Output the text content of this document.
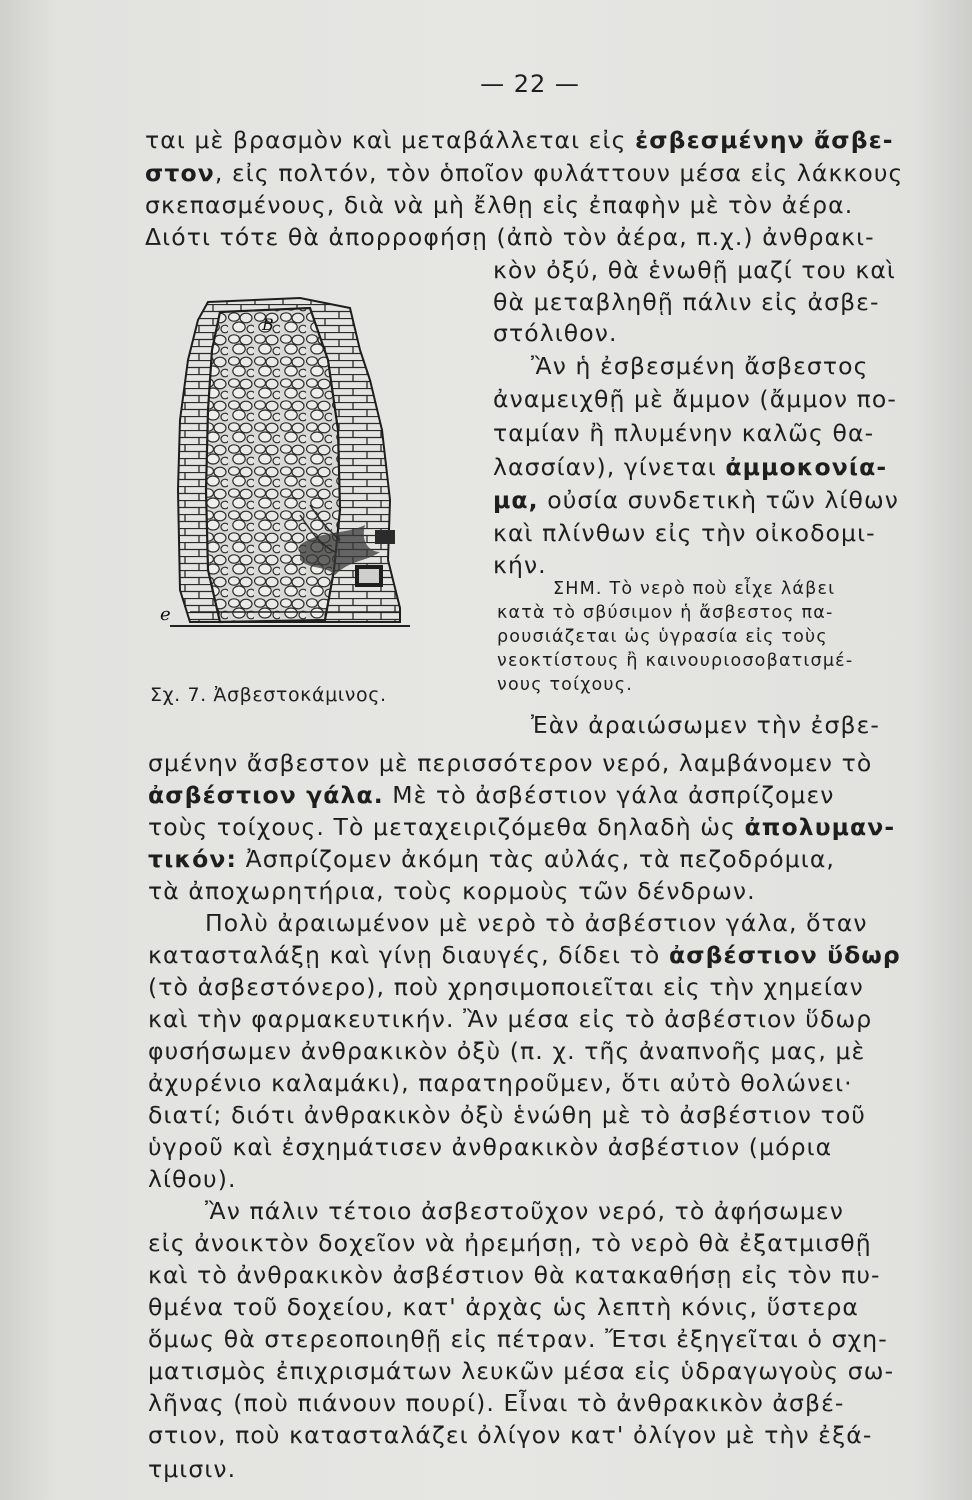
— 22 —
B
e
ται μὲ βρασμὸν καὶ μεταβάλλεται εἰς ἐσβεσμένην ἄσβε-
στον, εἰς πολτόν, τὸν ὁποῖον φυλάττουν μέσα εἰς λάκκους
σκεπασμένους, διὰ νὰ μὴ ἔλθῃ εἰς ἐπαφὴν μὲ τὸν ἀέρα.
Διότι τότε θὰ ἀπορροφήσῃ (ἀπὸ τὸν ἀέρα, π.χ.) ἀνθρακι-
κὸν ὀξύ, θὰ ἑνωθῇ μαζί του καὶ
θὰ μεταβληθῇ πάλιν εἰς ἀσβε-
στόλιθον.
Ἂν ἡ ἐσβεσμένη ἄσβεστος
ἀναμειχθῇ μὲ ἄμμον (ἄμμον πο-
ταμίαν ἢ πλυμένην καλῶς θα-
λασσίαν), γίνεται ἀμμοκονία-
μα, οὐσία συνδετικὴ τῶν λίθων
καὶ πλίνθων εἰς τὴν οἰκοδομι-
κήν.
ΣΗΜ. Τὸ νερὸ ποὺ εἶχε λάβει
κατὰ τὸ σβύσιμον ἡ ἄσβεστος πα-
ρουσιάζεται ὡς ὑγρασία εἰς τοὺς
νεοκτίστους ἢ καινουριοσοβατισμέ-
νους τοίχους.
Σχ. 7. Ἀσβεστοκάμινος.
Ἐὰν ἀραιώσωμεν τὴν ἐσβε-
σμένην ἄσβεστον μὲ περισσότερον νερό, λαμβάνομεν τὸ
ἀσβέστιον γάλα. Μὲ τὸ ἀσβέστιον γάλα ἀσπρίζομεν
τοὺς τοίχους. Τὸ μεταχειριζόμεθα δηλαδὴ ὡς ἀπολυμαν-
τικόν: Ἀσπρίζομεν ἀκόμη τὰς αὐλάς, τὰ πεζοδρόμια,
τὰ ἀποχωρητήρια, τοὺς κορμοὺς τῶν δένδρων.
Πολὺ ἀραιωμένον μὲ νερὸ τὸ ἀσβέστιον γάλα, ὅταν
κατασταλάξῃ καὶ γίνῃ διαυγές, δίδει τὸ ἀσβέστιον ὕδωρ
(τὸ ἀσβεστόνερο), ποὺ χρησιμοποιεῖται εἰς τὴν χημείαν
καὶ τὴν φαρμακευτικήν. Ἂν μέσα εἰς τὸ ἀσβέστιον ὕδωρ
φυσήσωμεν ἀνθρακικὸν ὀξὺ (π. χ. τῆς ἀναπνοῆς μας, μὲ
ἀχυρένιο καλαμάκι), παρατηροῦμεν, ὅτι αὐτὸ θολώνει·
διατί; διότι ἀνθρακικὸν ὀξὺ ἑνώθη μὲ τὸ ἀσβέστιον τοῦ
ὑγροῦ καὶ ἐσχημάτισεν ἀνθρακικὸν ἀσβέστιον (μόρια
λίθου).
Ἂν πάλιν τέτοιο ἀσβεστοῦχον νερό, τὸ ἀφήσωμεν
εἰς ἀνοικτὸν δοχεῖον νὰ ἠρεμήσῃ, τὸ νερὸ θὰ ἐξατμισθῇ
καὶ τὸ ἀνθρακικὸν ἀσβέστιον θὰ κατακαθήσῃ εἰς τὸν πυ-
θμένα τοῦ δοχείου, κατ' ἀρχὰς ὡς λεπτὴ κόνις, ὕστερα
ὅμως θὰ στερεοποιηθῇ εἰς πέτραν. Ἔτσι ἐξηγεῖται ὁ σχη-
ματισμὸς ἐπιχρισμάτων λευκῶν μέσα εἰς ὑδραγωγοὺς σω-
λῆνας (ποὺ πιάνουν πουρί). Εἶναι τὸ ἀνθρακικὸν ἀσβέ-
στιον, ποὺ κατασταλάζει ὀλίγον κατ' ὀλίγον μὲ τὴν ἐξά-
τμισιν.
